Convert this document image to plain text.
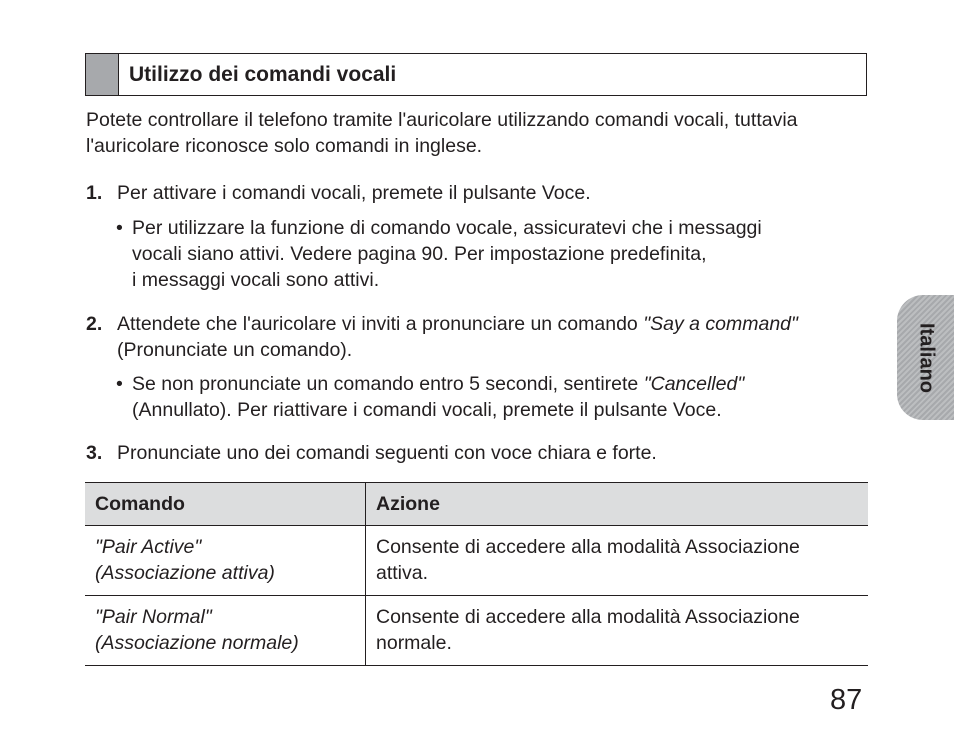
Utilizzo dei comandi vocali

Potete controllare il telefono tramite l'auricolare utilizzando comandi vocali, tuttavia l'auricolare riconosce solo comandi in inglese.

1. Per attivare i comandi vocali, premete il pulsante Voce.
• Per utilizzare la funzione di comando vocale, assicuratevi che i messaggi
vocali siano attivi. Vedere pagina 90. Per impostazione predefinita,
i messaggi vocali sono attivi.
2. Attendete che l'auricolare vi inviti a pronunciare un comando "Say a command"
(Pronunciate un comando).
• Se non pronunciate un comando entro 5 secondi, sentirete "Cancelled"
(Annullato). Per riattivare i comandi vocali, premete il pulsante Voce.
3. Pronunciate uno dei comandi seguenti con voce chiara e forte.
Comando	Azione
"Pair Active"
(Associazione attiva)	Consente di accedere alla modalità Associazione
attiva.
"Pair Normal"
(Associazione normale)	Consente di accedere alla modalità Associazione
normale.
Italiano
87
